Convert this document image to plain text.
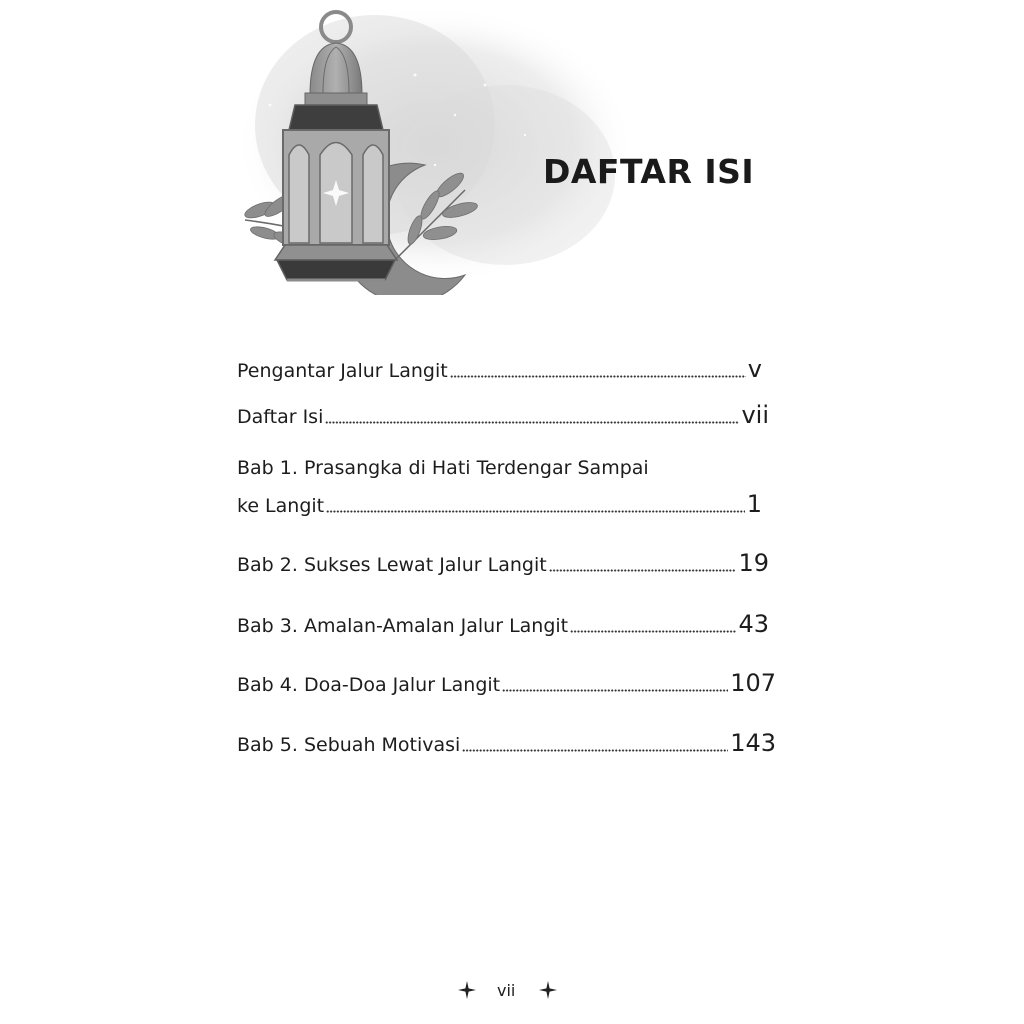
DAFTAR ISI
Pengantar Jalur Langit	v
Daftar Isi	vii
Bab 1. Prasangka di Hati Terdengar Sampai
ke Langit	1
Bab 2. Sukses Lewat Jalur Langit	19
Bab 3. Amalan-Amalan Jalur Langit	43
Bab 4. Doa-Doa Jalur Langit	107
Bab 5. Sebuah Motivasi	143
vii
